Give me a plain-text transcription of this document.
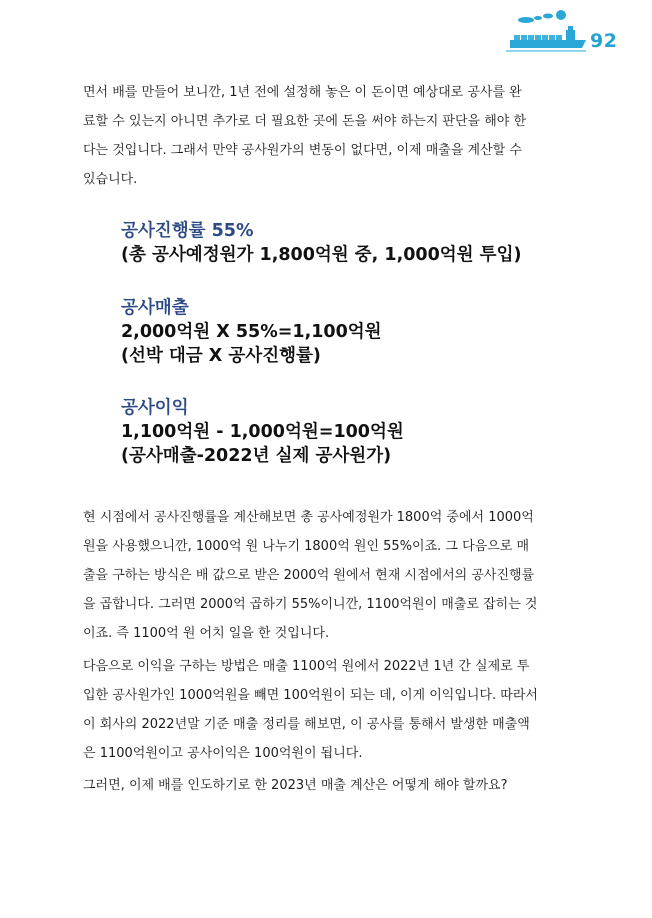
92
면서 배를 만들어 보니깐, 1년 전에 설정해 놓은 이 돈이면 예상대로 공사를 완
료할 수 있는지 아니면 추가로 더 필요한 곳에 돈을 써야 하는지 판단을 해야 한
다는 것입니다. 그래서 만약 공사원가의 변동이 없다면, 이제 매출을 계산할 수
있습니다.
공사진행률 55%
(총 공사예정원가 1,800억원 중, 1,000억원 투입)
공사매출
2,000억원 X 55%=1,100억원
(선박 대금 X 공사진행률)
공사이익
1,100억원 - 1,000억원=100억원
(공사매출-2022년 실제 공사원가)
현 시점에서 공사진행률을 계산해보면 총 공사예정원가 1800억 중에서 1000억
원을 사용했으니깐, 1000억 원 나누기 1800억 원인 55%이죠. 그 다음으로 매
출을 구하는 방식은 배 값으로 받은 2000억 원에서 현재 시점에서의 공사진행률
을 곱합니다. 그러면 2000억 곱하기 55%이니깐, 1100억원이 매출로 잡히는 것
이죠. 즉 1100억 원 어치 일을 한 것입니다.
다음으로 이익을 구하는 방법은 매출 1100억 원에서 2022년 1년 간 실제로 투
입한 공사원가인 1000억원을 빼면 100억원이 되는 데, 이게 이익입니다. 따라서
이 회사의 2022년말 기준 매출 정리를 해보면, 이 공사를 통해서 발생한 매출액
은 1100억원이고 공사이익은 100억원이 됩니다.
그러면, 이제 배를 인도하기로 한 2023년 매출 계산은 어떻게 해야 할까요?
